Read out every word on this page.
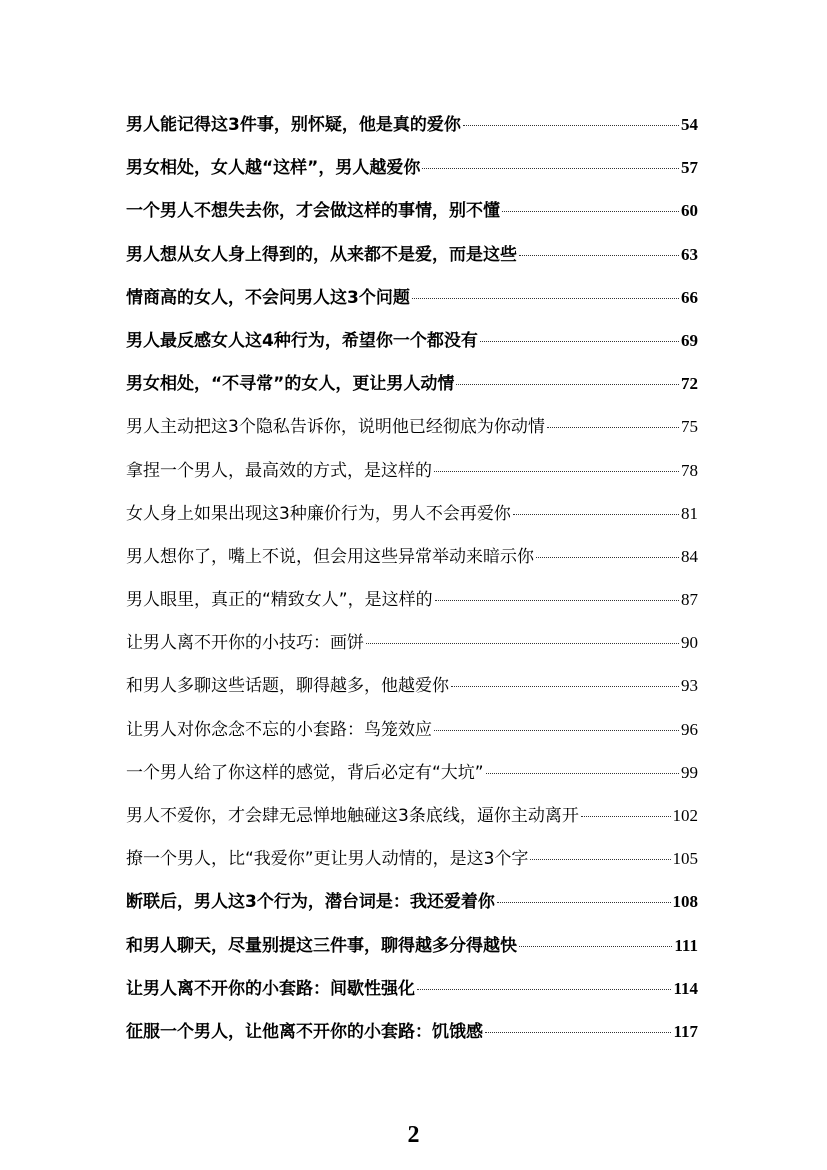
男人能记得这3件事，别怀疑，他是真的爱你	54
男女相处，女人越“这样”，男人越爱你	57
一个男人不想失去你，才会做这样的事情，别不懂	60
男人想从女人身上得到的，从来都不是爱，而是这些	63
情商高的女人，不会问男人这3个问题	66
男人最反感女人这4种行为，希望你一个都没有	69
男女相处，“不寻常”的女人，更让男人动情	72
男人主动把这3个隐私告诉你，说明他已经彻底为你动情	75
拿捏一个男人，最高效的方式，是这样的	78
女人身上如果出现这3种廉价行为，男人不会再爱你	81
男人想你了，嘴上不说，但会用这些异常举动来暗示你	84
男人眼里，真正的“精致女人”，是这样的	87
让男人离不开你的小技巧：画饼	90
和男人多聊这些话题，聊得越多，他越爱你	93
让男人对你念念不忘的小套路：鸟笼效应	96
一个男人给了你这样的感觉，背后必定有“大坑”	99
男人不爱你，才会肆无忌惮地触碰这3条底线，逼你主动离开	102
撩一个男人，比“我爱你”更让男人动情的，是这3个字	105
断联后，男人这3个行为，潜台词是：我还爱着你	108
和男人聊天，尽量别提这三件事，聊得越多分得越快	111
让男人离不开你的小套路：间歇性强化	114
征服一个男人，让他离不开你的小套路：饥饿感	117
2
